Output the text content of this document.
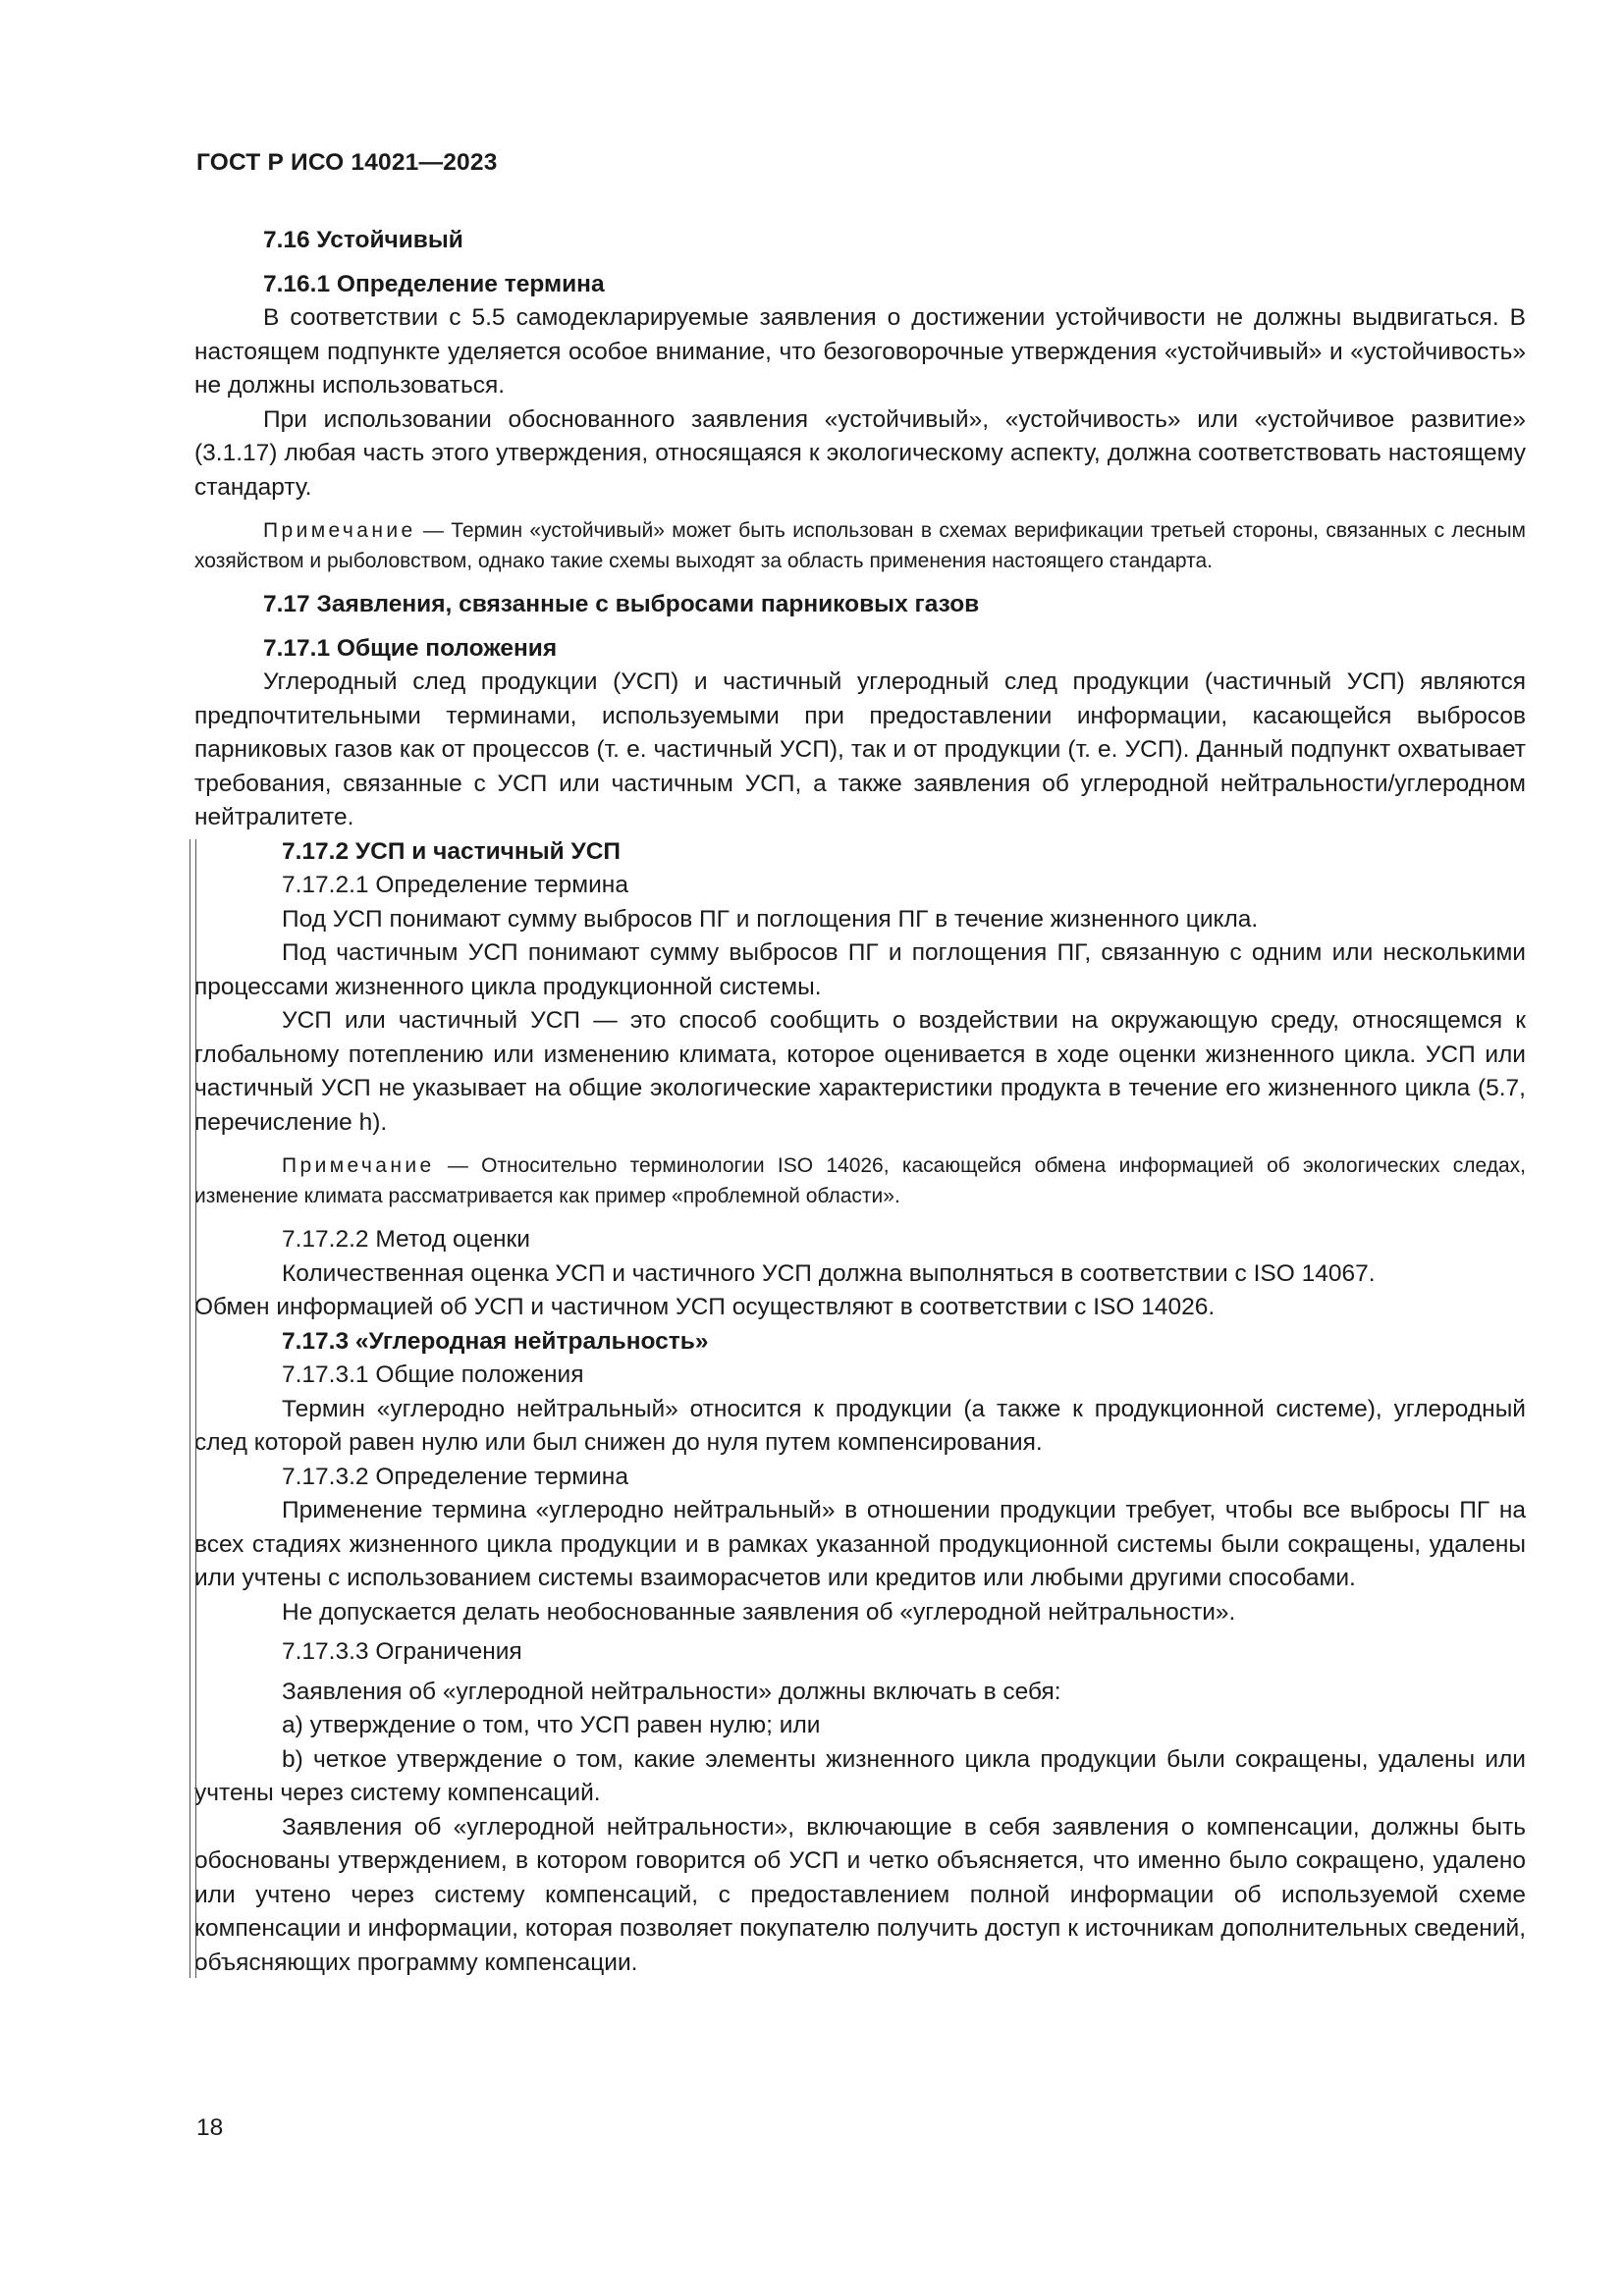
ГОСТ Р ИСО 14021—2023

7.16 Устойчивый

7.16.1 Определение термина

В соответствии с 5.5 самодекларируемые заявления о достижении устойчивости не должны выдвигаться. В настоящем подпункте уделяется особое внимание, что безоговорочные утверждения «устойчивый» и «устойчивость» не должны использоваться.

При использовании обоснованного заявления «устойчивый», «устойчивость» или «устойчивое развитие» (3.1.17) любая часть этого утверждения, относящаяся к экологическому аспекту, должна соответствовать настоящему стандарту.

Примечание — Термин «устойчивый» может быть использован в схемах верификации третьей стороны, связанных с лесным хозяйством и рыболовством, однако такие схемы выходят за область применения настоящего стандарта.

7.17 Заявления, связанные с выбросами парниковых газов

7.17.1 Общие положения

Углеродный след продукции (УСП) и частичный углеродный след продукции (частичный УСП) являются предпочтительными терминами, используемыми при предоставлении информации, касающейся выбросов парниковых газов как от процессов (т. е. частичный УСП), так и от продукции (т. е. УСП). Данный подпункт охватывает требования, связанные с УСП или частичным УСП, а также заявления об углеродной нейтральности/углеродном нейтралитете.

7.17.2 УСП и частичный УСП

7.17.2.1 Определение термина

Под УСП понимают сумму выбросов ПГ и поглощения ПГ в течение жизненного цикла.

Под частичным УСП понимают сумму выбросов ПГ и поглощения ПГ, связанную с одним или несколькими процессами жизненного цикла продукционной системы.

УСП или частичный УСП — это способ сообщить о воздействии на окружающую среду, относящемся к глобальному потеплению или изменению климата, которое оценивается в ходе оценки жизненного цикла. УСП или частичный УСП не указывает на общие экологические характеристики продукта в течение его жизненного цикла (5.7, перечисление h).

Примечание — Относительно терминологии ISO 14026, касающейся обмена информацией об экологических следах, изменение климата рассматривается как пример «проблемной области».

7.17.2.2 Метод оценки

Количественная оценка УСП и частичного УСП должна выполняться в соответствии с ISO 14067.

Обмен информацией об УСП и частичном УСП осуществляют в соответствии с ISO 14026.

7.17.3 «Углеродная нейтральность»

7.17.3.1 Общие положения

Термин «углеродно нейтральный» относится к продукции (а также к продукционной системе), углеродный след которой равен нулю или был снижен до нуля путем компенсирования.

7.17.3.2 Определение термина

Применение термина «углеродно нейтральный» в отношении продукции требует, чтобы все выбросы ПГ на всех стадиях жизненного цикла продукции и в рамках указанной продукционной системы были сокращены, удалены или учтены с использованием системы взаиморасчетов или кредитов или любыми другими способами.

Не допускается делать необоснованные заявления об «углеродной нейтральности».

7.17.3.3 Ограничения

Заявления об «углеродной нейтральности» должны включать в себя:

a) утверждение о том, что УСП равен нулю; или

b) четкое утверждение о том, какие элементы жизненного цикла продукции были сокращены, удалены или учтены через систему компенсаций.

Заявления об «углеродной нейтральности», включающие в себя заявления о компенсации, должны быть обоснованы утверждением, в котором говорится об УСП и четко объясняется, что именно было сокращено, удалено или учтено через систему компенсаций, с предоставлением полной информации об используемой схеме компенсации и информации, которая позволяет покупателю получить доступ к источникам дополнительных сведений, объясняющих программу компенсации.

18
